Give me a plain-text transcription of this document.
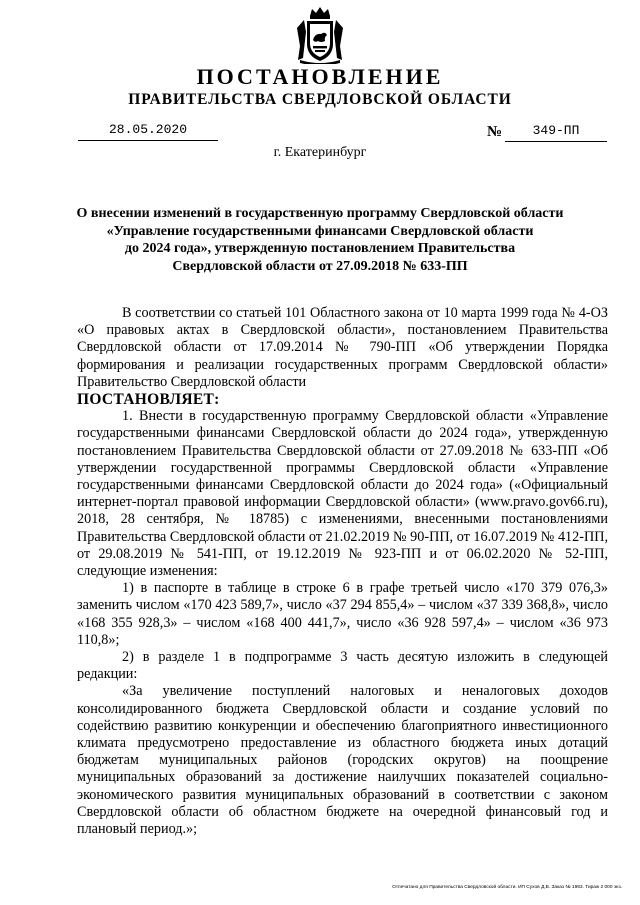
ПОСТАНОВЛЕНИЕ
ПРАВИТЕЛЬСТВА СВЕРДЛОВСКОЙ ОБЛАСТИ
28.05.2020	№	349-ПП
г. Екатеринбург
О внесении изменений в государственную программу Свердловской области
«Управление государственными финансами Свердловской области
до 2024 года», утвержденную постановлением Правительства
Свердловской области от 27.09.2018 № 633-ПП

В соответствии со статьей 101 Областного закона от 10 марта 1999 года № 4-ОЗ «О правовых актах в Свердловской области», постановлением Правительства Свердловской области от 17.09.2014 № 790-ПП «Об утверждении Порядка формирования и реализации государственных программ Свердловской области» Правительство Свердловской области

ПОСТАНОВЛЯЕТ:

1. Внести в государственную программу Свердловской области «Управление государственными финансами Свердловской области до 2024 года», утвержденную постановлением Правительства Свердловской области от 27.09.2018 № 633-ПП «Об утверждении государственной программы Свердловской области «Управление государственными финансами Свердловской области до 2024 года» («Официальный интернет-портал правовой информации Свердловской области» (www.pravo.gov66.ru), 2018, 28 сентября, № 18785) с изменениями, внесенными постановлениями Правительства Свердловской области от 21.02.2019 № 90-ПП, от 16.07.2019 № 412-ПП, от 29.08.2019 № 541-ПП, от 19.12.2019 № 923-ПП и от 06.02.2020 № 52-ПП, следующие изменения:

1) в паспорте в таблице в строке 6 в графе третьей число «170 379 076,3» заменить числом «170 423 589,7», число «37 294 855,4» – числом «37 339 368,8», число «168 355 928,3» – числом «168 400 441,7», число «36 928 597,4» – числом «36 973 110,8»;

2) в разделе 1 в подпрограмме 3 часть десятую изложить в следующей редакции:

«За увеличение поступлений налоговых и неналоговых доходов консолидированного бюджета Свердловской области и создание условий по содействию развитию конкуренции и обеспечению благоприятного инвестиционного климата предусмотрено предоставление из областного бюджета иных дотаций бюджетам муниципальных районов (городских округов) на поощрение муниципальных образований за достижение наилучших показателей социально-экономического развития муниципальных образований в соответствии с законом Свердловской области об областном бюджете на очередной финансовый год и плановый период.»;

Отпечатано для Правительства Свердловской области. ИП Сухов Д.В. Заказ № 1983. Тираж 2 000 экз.
